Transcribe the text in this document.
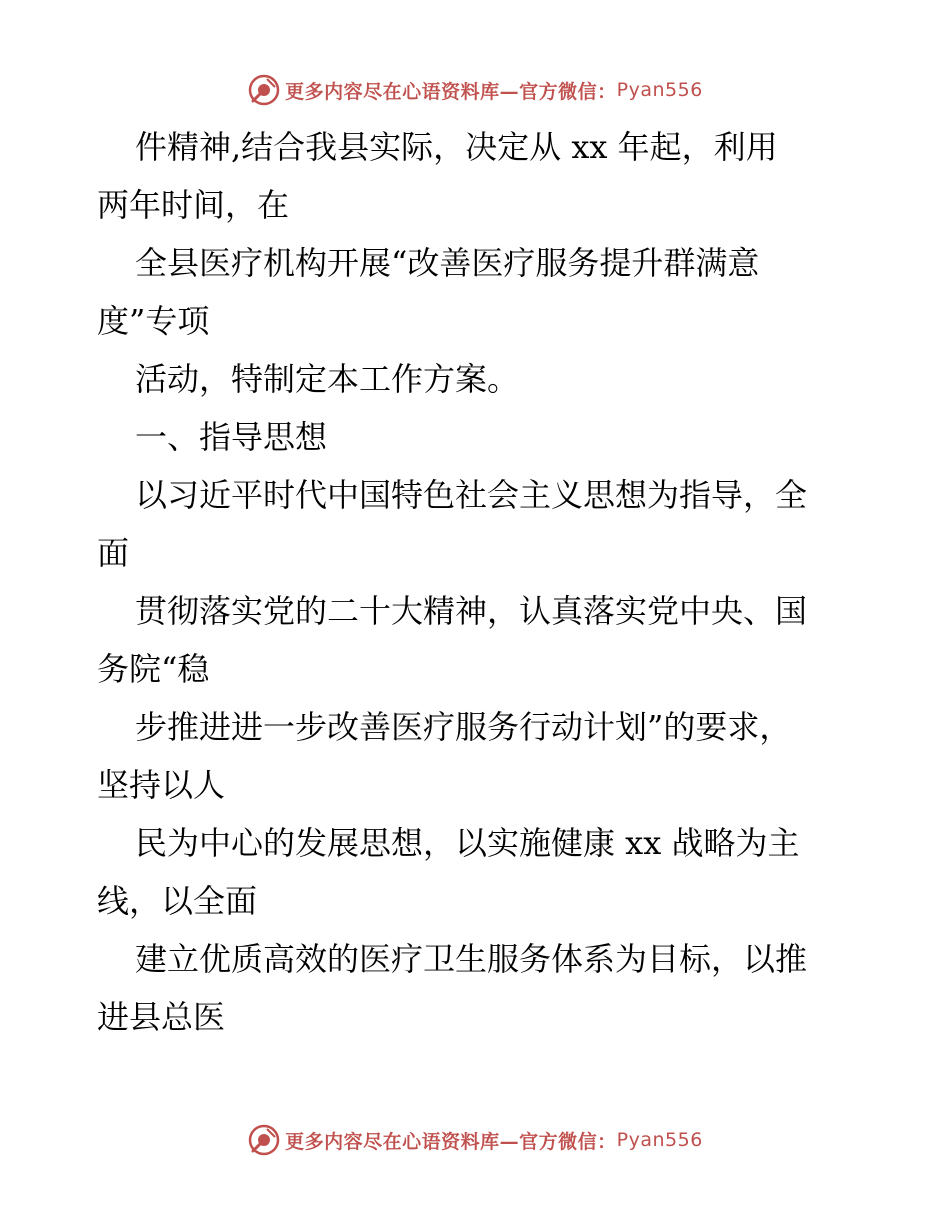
更多内容尽在心语资料库—官方微信： Pyan556
件精神,结合我县实际，决定从 xx 年起，利用
两年时间，在
全县医疗机构开展“改善医疗服务提升群满意
度”专项
活动，特制定本工作方案。
一、指导思想
以习近平时代中国特色社会主义思想为指导，全
面
贯彻落实党的二十大精神，认真落实党中央、国
务院“稳
步推进进一步改善医疗服务行动计划”的要求，
坚持以人
民为中心的发展思想，以实施健康 xx 战略为主
线，以全面
建立优质高效的医疗卫生服务体系为目标，以推
进县总医
更多内容尽在心语资料库—官方微信： Pyan556
